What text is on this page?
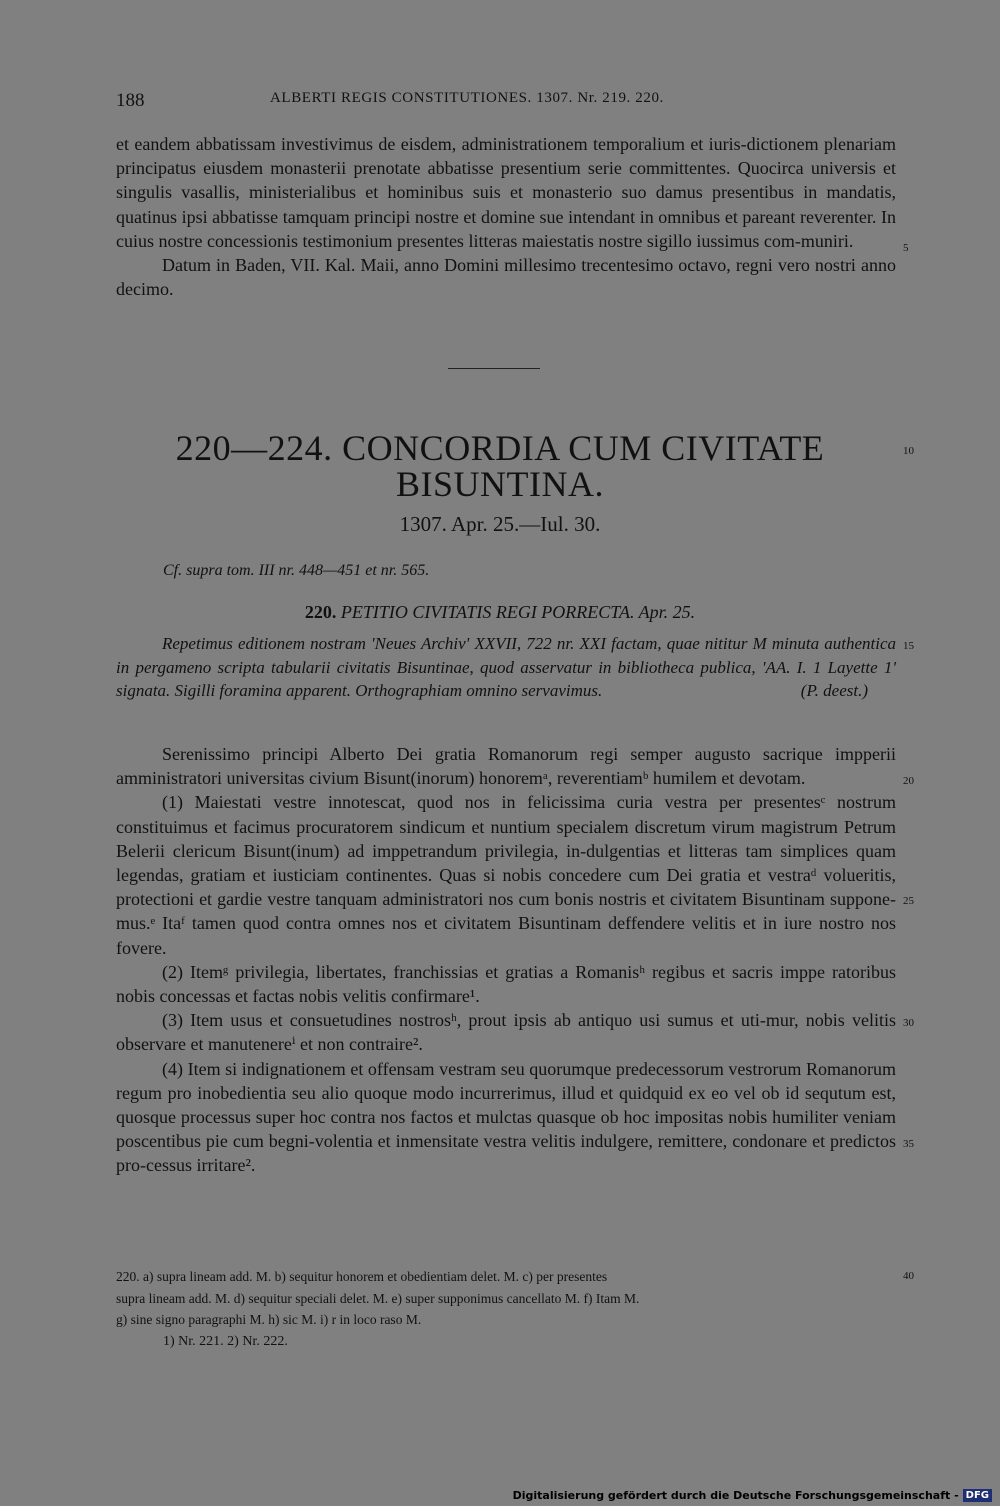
188	ALBERTI REGIS CONSTITUTIONES. 1307. Nr. 219. 220.

et eandem abbatissam investivimus de eisdem, administrationem temporalium et iuris-dictionem plenariam principatus eiusdem monasterii prenotate abbatisse presentium serie committentes. Quocirca universis et singulis vasallis, ministerialibus et hominibus suis et monasterio suo damus presentibus in mandatis, quatinus ipsi abbatisse tamquam principi nostre et domine sue intendant in omnibus et pareant reverenter. In cuius nostre concessionis testimonium presentes litteras maiestatis nostre sigillo iussimus com-muniri.

Datum in Baden, VII. Kal. Maii, anno Domini millesimo trecentesimo octavo, regni vero nostri anno decimo.

220—224. CONCORDIA CUM CIVITATE BISUNTINA.
1307. Apr. 25.—Iul. 30.
Cf. supra tom. III nr. 448—451 et nr. 565.
220. PETITIO CIVITATIS REGI PORRECTA. Apr. 25.

Repetimus editionem nostram 'Neues Archiv' XXVII, 722 nr. XXI factam, quae nititur M minuta authentica in pergameno scripta tabularii civitatis Bisuntinae, quod asservatur in bibliotheca publica, 'AA. I. 1 Layette 1' signata. Sigilli foramina apparent. Orthographiam omnino servavimus.	(P. deest.)

Serenissimo principi Alberto Dei gratia Romanorum regi semper augusto sacrique impperii amministratori universitas civium Bisunt(inorum) honoremᵃ, reverentiamᵇ humilem et devotam.

(1) Maiestati vestre innotescat, quod nos in felicissima curia vestra per presentesᶜ nostrum constituimus et facimus procuratorem sindicum et nuntium specialem discretum virum magistrum Petrum Belerii clericum Bisunt(inum) ad imppetrandum privilegia, in-dulgentias et litteras tam simplices quam legendas, gratiam et iusticiam continentes. Quas si nobis concedere cum Dei gratia et vestraᵈ volueritis, protectioni et gardie vestre tanquam administratori nos cum bonis nostris et civitatem Bisuntinam suppone-mus.ᵉ Itaᶠ tamen quod contra omnes nos et civitatem Bisuntinam deffendere velitis et in iure nostro nos fovere.

(2) Itemᵍ privilegia, libertates, franchissias et gratias a Romanisʰ regibus et sacris imppe ratoribus nobis concessas et factas nobis velitis confirmare¹.

(3) Item usus et consuetudines nostrosʰ, prout ipsis ab antiquo usi sumus et uti-mur, nobis velitis observare et manutenereⁱ et non contraire².

(4) Item si indignationem et offensam vestram seu quorumque predecessorum vestrorum Romanorum regum pro inobedientia seu alio quoque modo incurrerimus, illud et quidquid ex eo vel ob id sequtum est, quosque processus super hoc contra nos factos et mulctas quasque ob hoc impositas nobis humiliter veniam poscentibus pie cum begni-volentia et inmensitate vestra velitis indulgere, remittere, condonare et predictos pro-cessus irritare².

220. a) supra lineam add. M. b) sequitur honorem et obedientiam delet. M. c) per presentes
supra lineam add. M. d) sequitur speciali delet. M. e) super supponimus cancellato M. f) Itam M.
g) sine signo paragraphi M. h) sic M. i) r in loco raso M.
1) Nr. 221. 2) Nr. 222.
5
10
15
20
25
30
35
40
Digitalisierung gefördert durch die Deutsche Forschungsgemeinschaft - DFG
